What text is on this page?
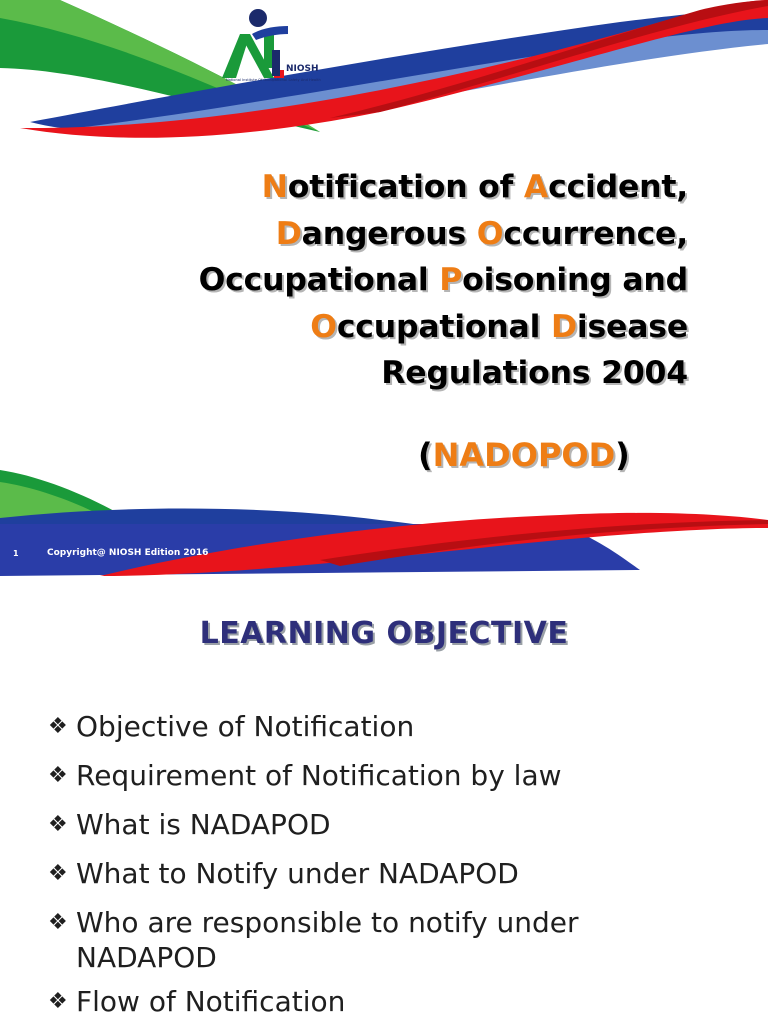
NIOSH
National Institute Of Occupational Safety And Health
Notification of Accident,
Dangerous Occurrence,
Occupational Poisoning and
Occupational Disease
Regulations 2004
(NADOPOD)
1	Copyright@ NIOSH Edition 2016
LEARNING OBJECTIVE
❖ Objective of Notification
❖ Requirement of Notification by law
❖ What is NADAPOD
❖ What to Notify under NADAPOD
❖ Who are responsible to notify under
NADAPOD
❖ Flow of Notification
